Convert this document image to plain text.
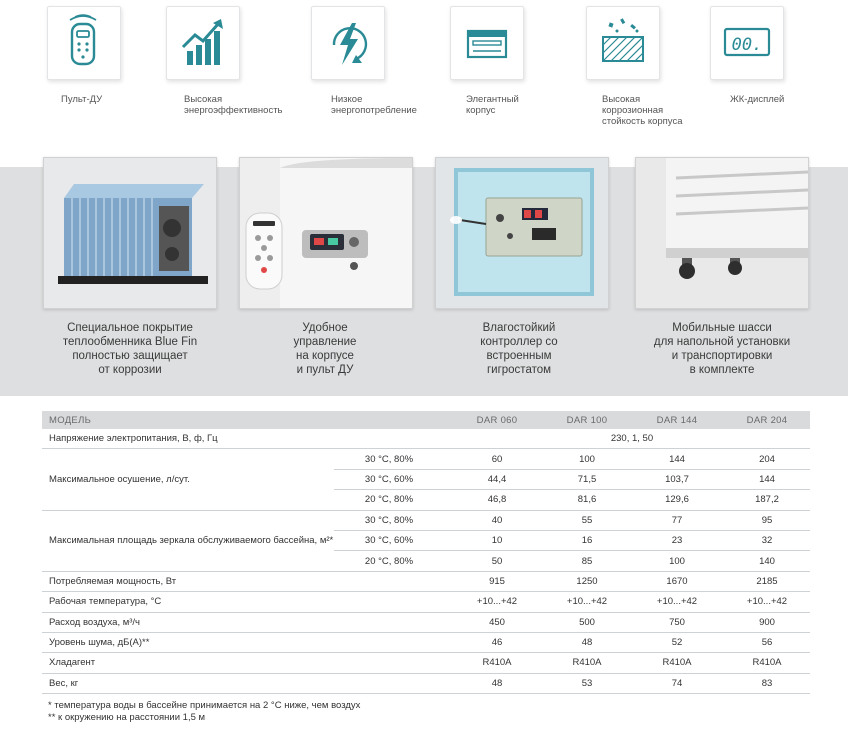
Пульт-ДУ	Высокая
энергоэффективность
Низкое
энергопотребление
Элегантный
корпус
Высокая
коррозионная
стойкость корпуса
00.
ЖК-дисплей
Специальное покрытие
теплообменника Blue Fin
полностью защищает
от коррозии
Удобное
управление
на корпусе
и пульт ДУ
Влагостойкий
контроллер со
встроенным
гигростатом
Мобильные шасси
для напольной установки
и транспортировки
в комплекте
МОДЕЛЬ	DAR 060	DAR 100	DAR 144	DAR 204
Напряжение электропитания, В, ф, Гц	230, 1, 50
Максимальное осушение, л/сут.
30 °С, 80%	60	100	144	204
30 °С, 60%	44,4	71,5	103,7	144
20 °С, 80%	46,8	81,6	129,6	187,2
Максимальная площадь зеркала обслуживаемого бассейна, м²*
30 °С, 80%	40	55	77	95
30 °С, 60%	10	16	23	32
20 °С, 80%	50	85	100	140
Потребляемая мощность, Вт	915	1250	1670	2185
Рабочая температура, °С	+10...+42	+10...+42	+10...+42	+10...+42
Расход воздуха, м³/ч	450	500	750	900
Уровень шума, дБ(А)**	46	48	52	56
Хладагент	R410A	R410A	R410A	R410A
Вес, кг	48	53	74	83
* температура воды в бассейне принимается на 2 °С ниже, чем воздух
** к окружению на расстоянии 1,5 м
